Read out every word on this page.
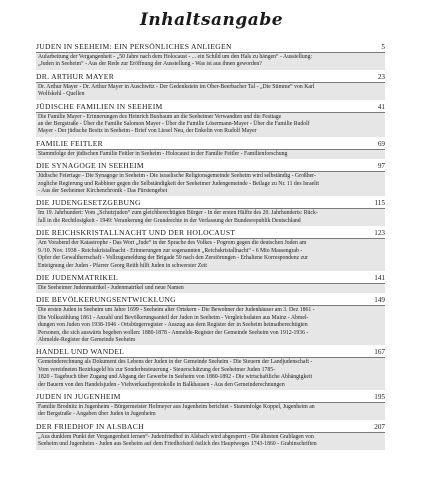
Inhaltsangabe
JUDEN IN SEEHEIM: EIN PERSÖNLICHES ANLIEGEN	5
Aufarbeitung der Vergangenheit - „50 Jahre nach dem Holocaust - ... ein Schild um den Hals zu hängen“ - Ausstellung:
„Juden in Seeheim“ - Aus der Rede zur Eröffnung der Ausstellung - Was ist aus ihnen geworden?
DR. ARTHUR MAYER	23
Dr. Arthur Mayer - Dr. Arthur Mayer in Auschwitz - Der Gedenkstein im Ober-Beerbacher Tal - „Die Stimme“ von Karl
Wolfskehl - Quellen
JÜDISCHE FAMILIEN IN SEEHEIM	41
Die Familie Mayer - Erinnerungen des Heinrich Buxbaum an die Seeheimer Verwandten und die Festtage
an der Bergstraße - Über die Familie Salomon Mayer - Über die Familie Lösermann-Mayer - Über die Familie Rudolf
Mayer - Der jüdische Besitz in Seeheim - Brief von Liesel Neu, der Enkelin von Rudolf Mayer
FAMILIE FEITLER	69
Stammfolge der jüdischen Familie Feitler in Seeheim - Holocaust in der Familie Feitler - Familienforschung
DIE SYNAGOGE IN SEEHEIM	97
Jüdische Feiertage - Die Synagoge in Seeheim - Die israelische Religionsgemeinde Seeheim wird selbständig - Großher-
zogliche Regierung und Rabbiner gegen die Selbständigkeit der Seeheimer Judengemeinde - Beilage zu Nr. 11 des Israelit
- Aus der Seeheimer Kirchenchronik - Das Fürstengebet
DIE JUDENGESETZGEBUNG	115
Im 19. Jahrhundert: Vom „Schutzjuden“ zum gleichberechtigten Bürger - In der ersten Hälfte des 20. Jahrhunderts: Rück-
fall in die Rechtlosigkeit - 1949: Verankerung der Grundrechte in der Verfassung der Bundesrepublik Deutschland
DIE REICHSKRISTALLNACHT UND DER HOLOCAUST	123
Am Vorabend der Katastrophe - Das Wort „Jude“ in der Sprache des Volkes - Pogrom gegen die deutschen Juden am
9./10. Nov. 1938 - Reichskristallnacht - Erinnerungen zur sogenannten „Reichskristallnacht“ - 6 Mio Massengrab -
Opfer der Gewaltherrschaft - Vollzugsmeldung der Brigade 50 nach den Zerstörungen - Erhaltene Korrespondenz zur
Enteignung der Juden - Pfarrer Georg Reith hilft Juden in schwerster Zeit
DIE JUDENMATRIKEL	141
Die Seeheimer Judenmatrikel - Judenmatrikel und neue Namen
DIE BEVÖLKERUNGSENTWICKLUNG	149
Die ersten Juden in Seeheim um Jahre 1699 - Seeheim alter Ortskern - Die Bewohner der Judenhäuser am 3. Dez 1861 -
Die Volkszählung 1861 - Anzahl und Bevölkerungsanteil der Juden in Seeheim - Vergleichsdaten aus Mainz - Abmel-
dungen von Juden von 1938-1946 - Ortsbürgerregister - Auszug aus dem Register der in Seeheim heimatberechtigten
Personen, die sich auswärts begeben wollen: 1880-1878 - Anmelde-Register der Gemeinde Seeheim von 1912-1936 -
Abmelde-Register der Gemeinde Seeheim
HANDEL UND WANDEL	167
Gemeinderechnung als Dokument des Lebens der Juden in der Gemeinde Seeheim - Die Steuern der Landjudenschaft -
Vom vereidneten Bezirksgeld bis zur Sonderbesteuerung - Steuerschätzung der Seeheimer Juden 1785-
1820 - Tagebuch über Zugang und Abgang der Gewerbe in Seeheim von 1880-1892 - Die wirtschaftliche Abhängigkeit
der Bauern von den Handelsjuden - Viehverkaufsprotokolle in Balkhausen - Aus den Gemeinderechnungen
JUDEN IN JUGENHEIM	195
Familie Brodnitz in Jugenheim - Bürgermeister Hofmeyer aus Jugenheim berichtet - Stammfolge Koppel, Jugenheim an
der Bergstraße - Angaben über Juden in Jugenheim
DER FRIEDHOF IN ALSBACH	207
„Aus dunklem Punkt der Vergangenheit lernen“- Judenfriedhof in Alsbach wird abgesperrt - Die ältesten Grablagen von
Seeheim und Jugenheim - Juden aus Seeheim auf dem Friedhofsteil östlich des Hauptweges 1743-1860 - Grabinschriften
